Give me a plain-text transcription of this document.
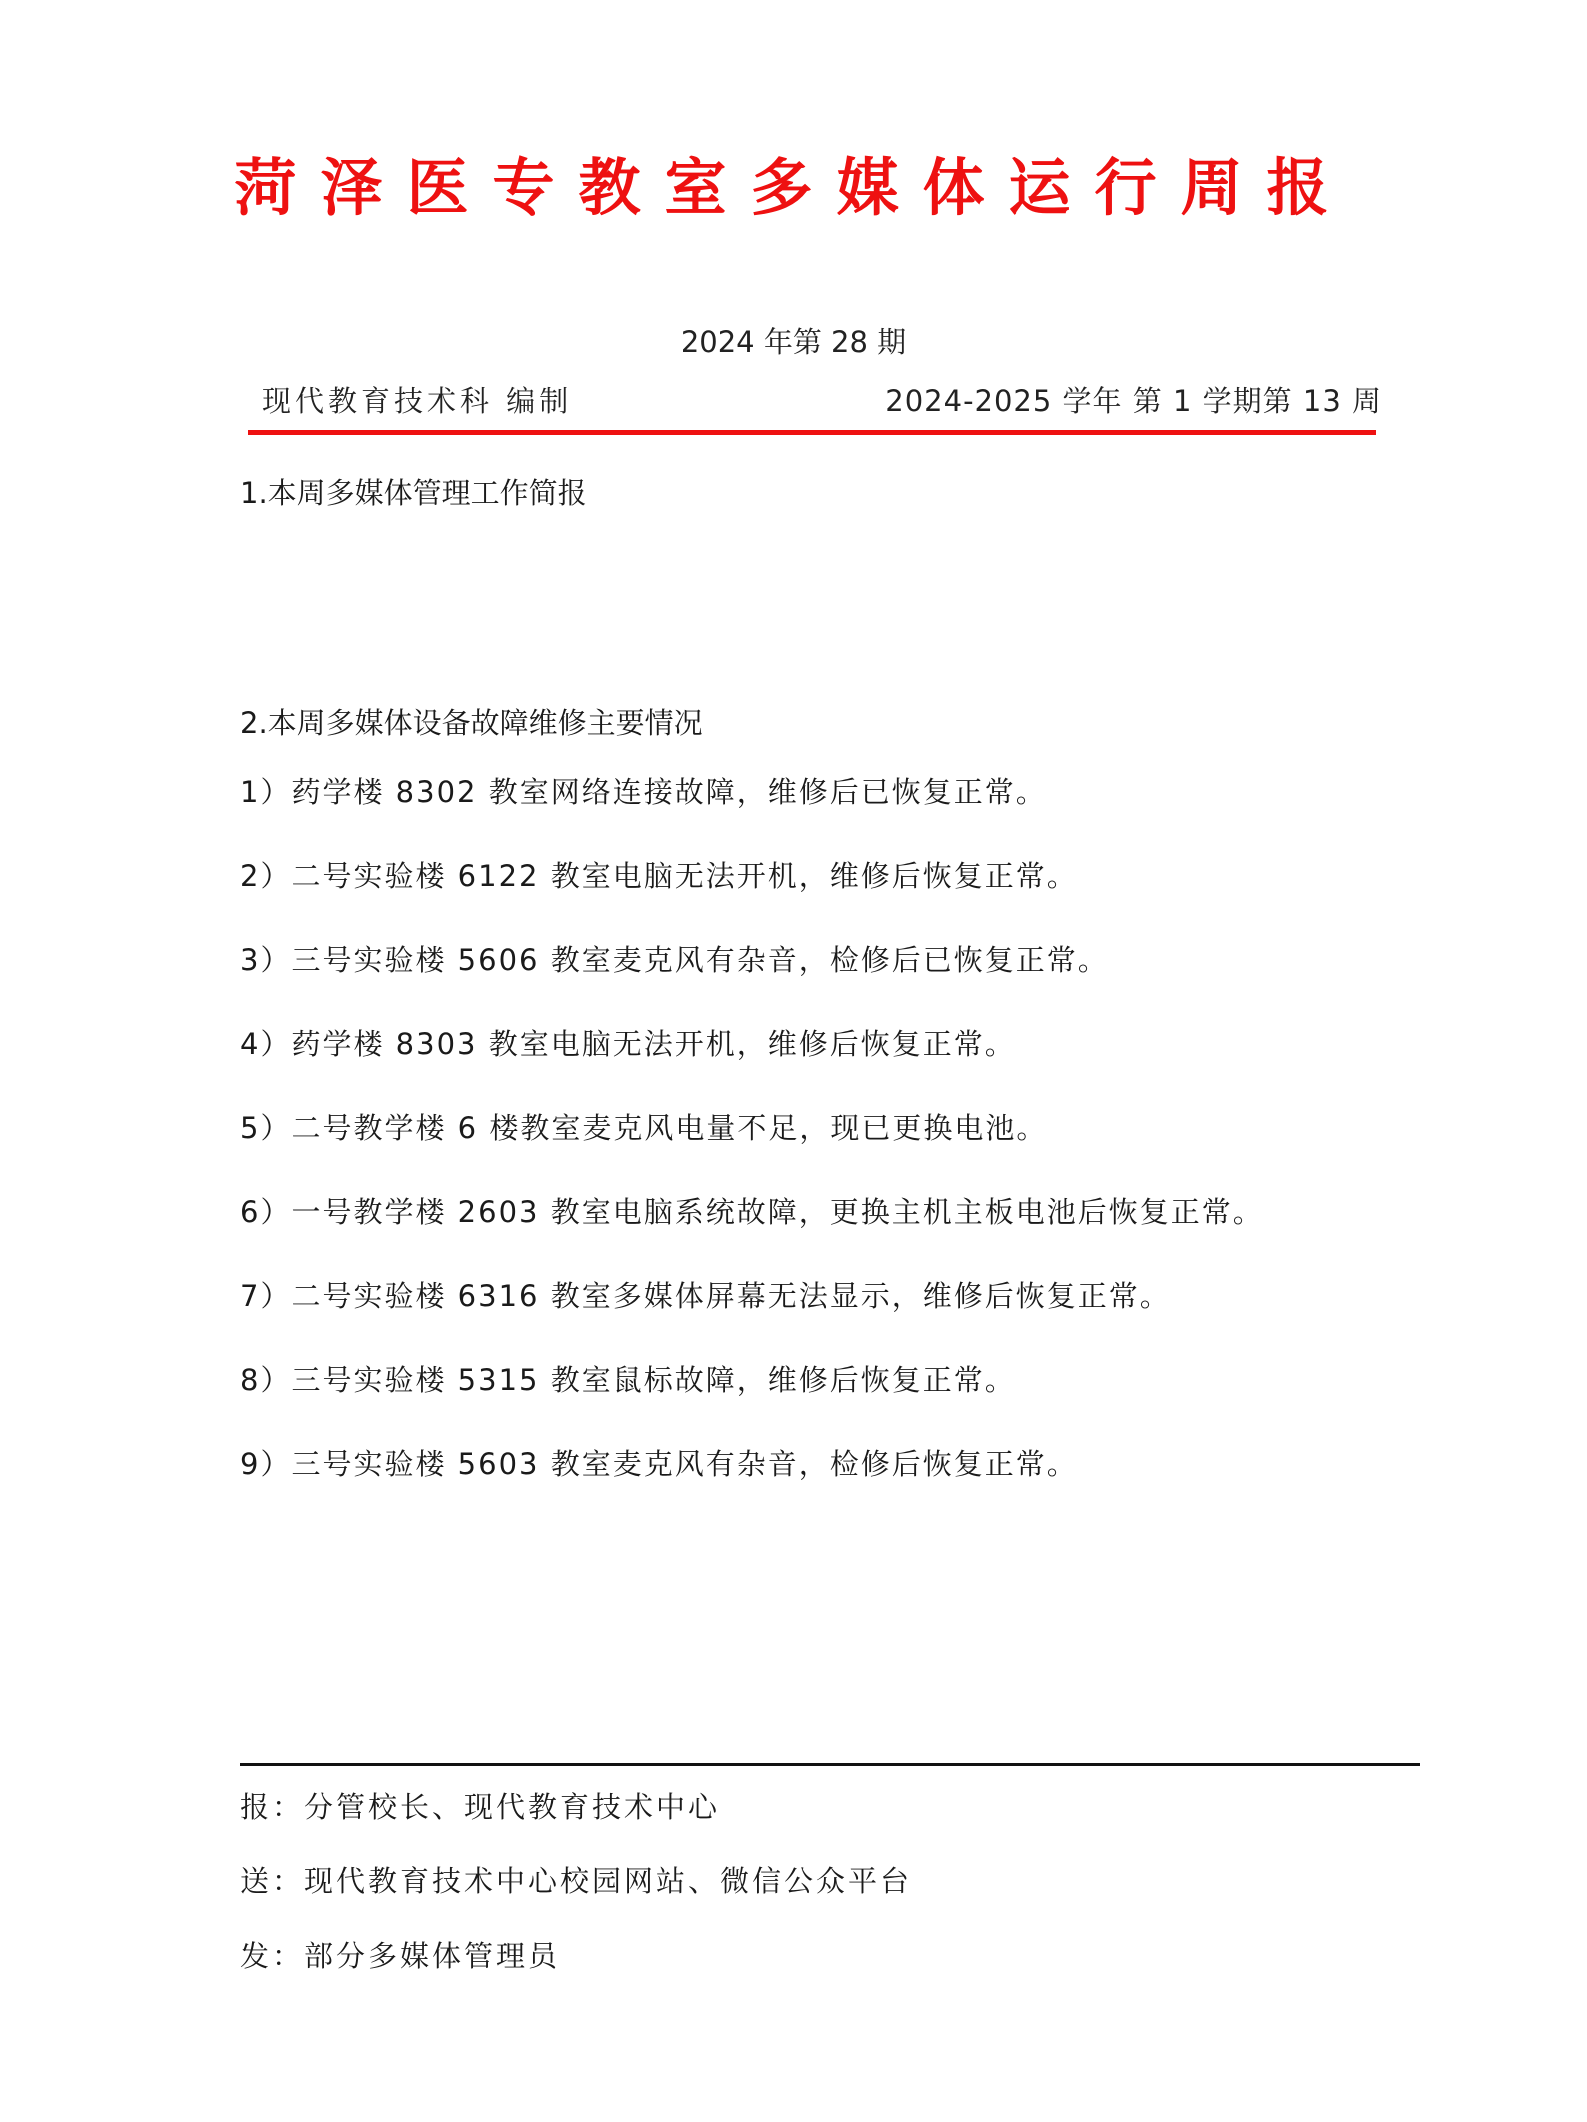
菏泽医专教室多媒体运行周报
2024 年第 28 期
现代教育技术科 编制	2024-2025 学年 第 1 学期第 13 周
1.本周多媒体管理工作简报
2.本周多媒体设备故障维修主要情况
1）药学楼 8302 教室网络连接故障，维修后已恢复正常。
2）二号实验楼 6122 教室电脑无法开机，维修后恢复正常。
3）三号实验楼 5606 教室麦克风有杂音，检修后已恢复正常。
4）药学楼 8303 教室电脑无法开机，维修后恢复正常。
5）二号教学楼 6 楼教室麦克风电量不足，现已更换电池。
6）一号教学楼 2603 教室电脑系统故障，更换主机主板电池后恢复正常。
7）二号实验楼 6316 教室多媒体屏幕无法显示，维修后恢复正常。
8）三号实验楼 5315 教室鼠标故障，维修后恢复正常。
9）三号实验楼 5603 教室麦克风有杂音，检修后恢复正常。
报：分管校长、现代教育技术中心
送：现代教育技术中心校园网站、微信公众平台
发：部分多媒体管理员
